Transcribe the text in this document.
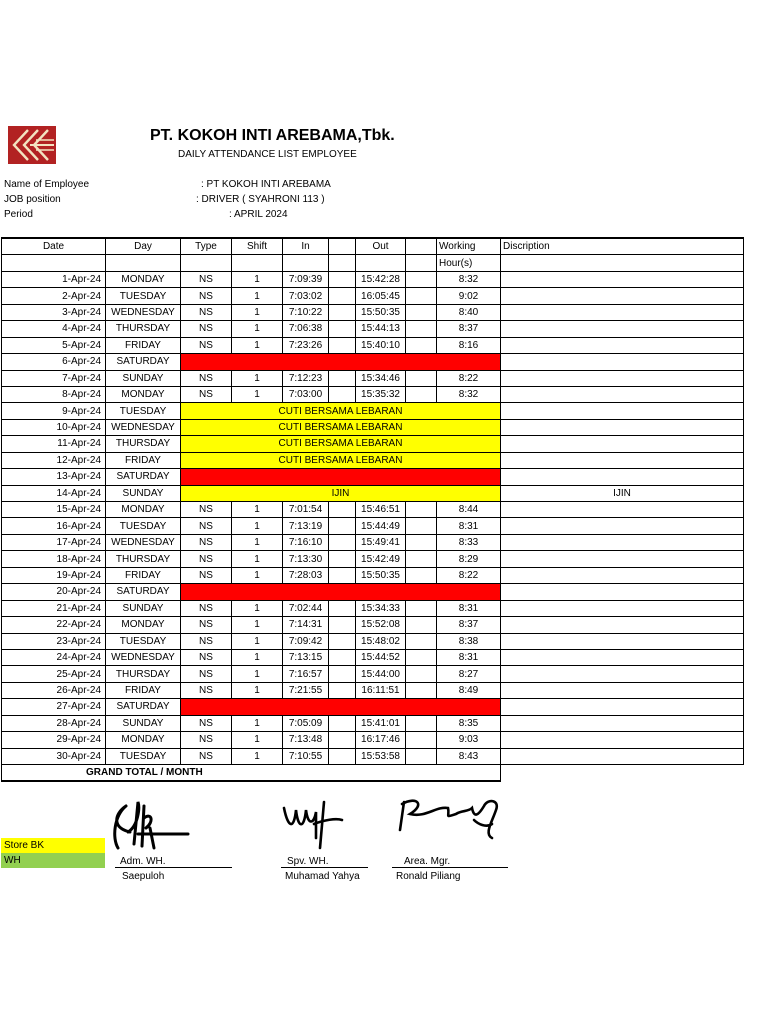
PT. KOKOH INTI AREBAMA,Tbk.
DAILY ATTENDANCE LIST EMPLOYEE
Name of Employee	: PT KOKOH INTI AREBAMA
JOB position	: DRIVER ( SYAHRONI 113 )
Period	: APRIL 2024
Date	Day	Type	Shift	In		Out		Working	Discription
								Hour(s)	
1-Apr-24	MONDAY	NS	1	7:09:39		15:42:28		8:32	
2-Apr-24	TUESDAY	NS	1	7:03:02		16:05:45		9:02	
3-Apr-24	WEDNESDAY	NS	1	7:10:22		15:50:35		8:40	
4-Apr-24	THURSDAY	NS	1	7:06:38		15:44:13		8:37	
5-Apr-24	FRIDAY	NS	1	7:23:26		15:40:10		8:16	
6-Apr-24	SATURDAY	OFF							
7-Apr-24	SUNDAY	NS	1	7:12:23		15:34:46		8:22	
8-Apr-24	MONDAY	NS	1	7:03:00		15:35:32		8:32	
9-Apr-24	TUESDAY	CUTI BERSAMA LEBARAN							
10-Apr-24	WEDNESDAY	CUTI BERSAMA LEBARAN							
11-Apr-24	THURSDAY	CUTI BERSAMA LEBARAN							
12-Apr-24	FRIDAY	CUTI BERSAMA LEBARAN							
13-Apr-24	SATURDAY	OFF							
14-Apr-24	SUNDAY	IJIN							IJIN
15-Apr-24	MONDAY	NS	1	7:01:54		15:46:51		8:44	
16-Apr-24	TUESDAY	NS	1	7:13:19		15:44:49		8:31	
17-Apr-24	WEDNESDAY	NS	1	7:16:10		15:49:41		8:33	
18-Apr-24	THURSDAY	NS	1	7:13:30		15:42:49		8:29	
19-Apr-24	FRIDAY	NS	1	7:28:03		15:50:35		8:22	
20-Apr-24	SATURDAY	OFF							
21-Apr-24	SUNDAY	NS	1	7:02:44		15:34:33		8:31	
22-Apr-24	MONDAY	NS	1	7:14:31		15:52:08		8:37	
23-Apr-24	TUESDAY	NS	1	7:09:42		15:48:02		8:38	
24-Apr-24	WEDNESDAY	NS	1	7:13:15		15:44:52		8:31	
25-Apr-24	THURSDAY	NS	1	7:16:57		15:44:00		8:27	
26-Apr-24	FRIDAY	NS	1	7:21:55		16:11:51		8:49	
27-Apr-24	SATURDAY	OFF							
28-Apr-24	SUNDAY	NS	1	7:05:09		15:41:01		8:35	
29-Apr-24	MONDAY	NS	1	7:13:48		16:17:46		9:03	
30-Apr-24	TUESDAY	NS	1	7:10:55		15:53:58		8:43	
GRAND TOTAL / MONTH									
Store BK
WH	Adm. WH.
Saepuloh
Spv. WH.
Muhamad Yahya
Area. Mgr.
Ronald Piliang
